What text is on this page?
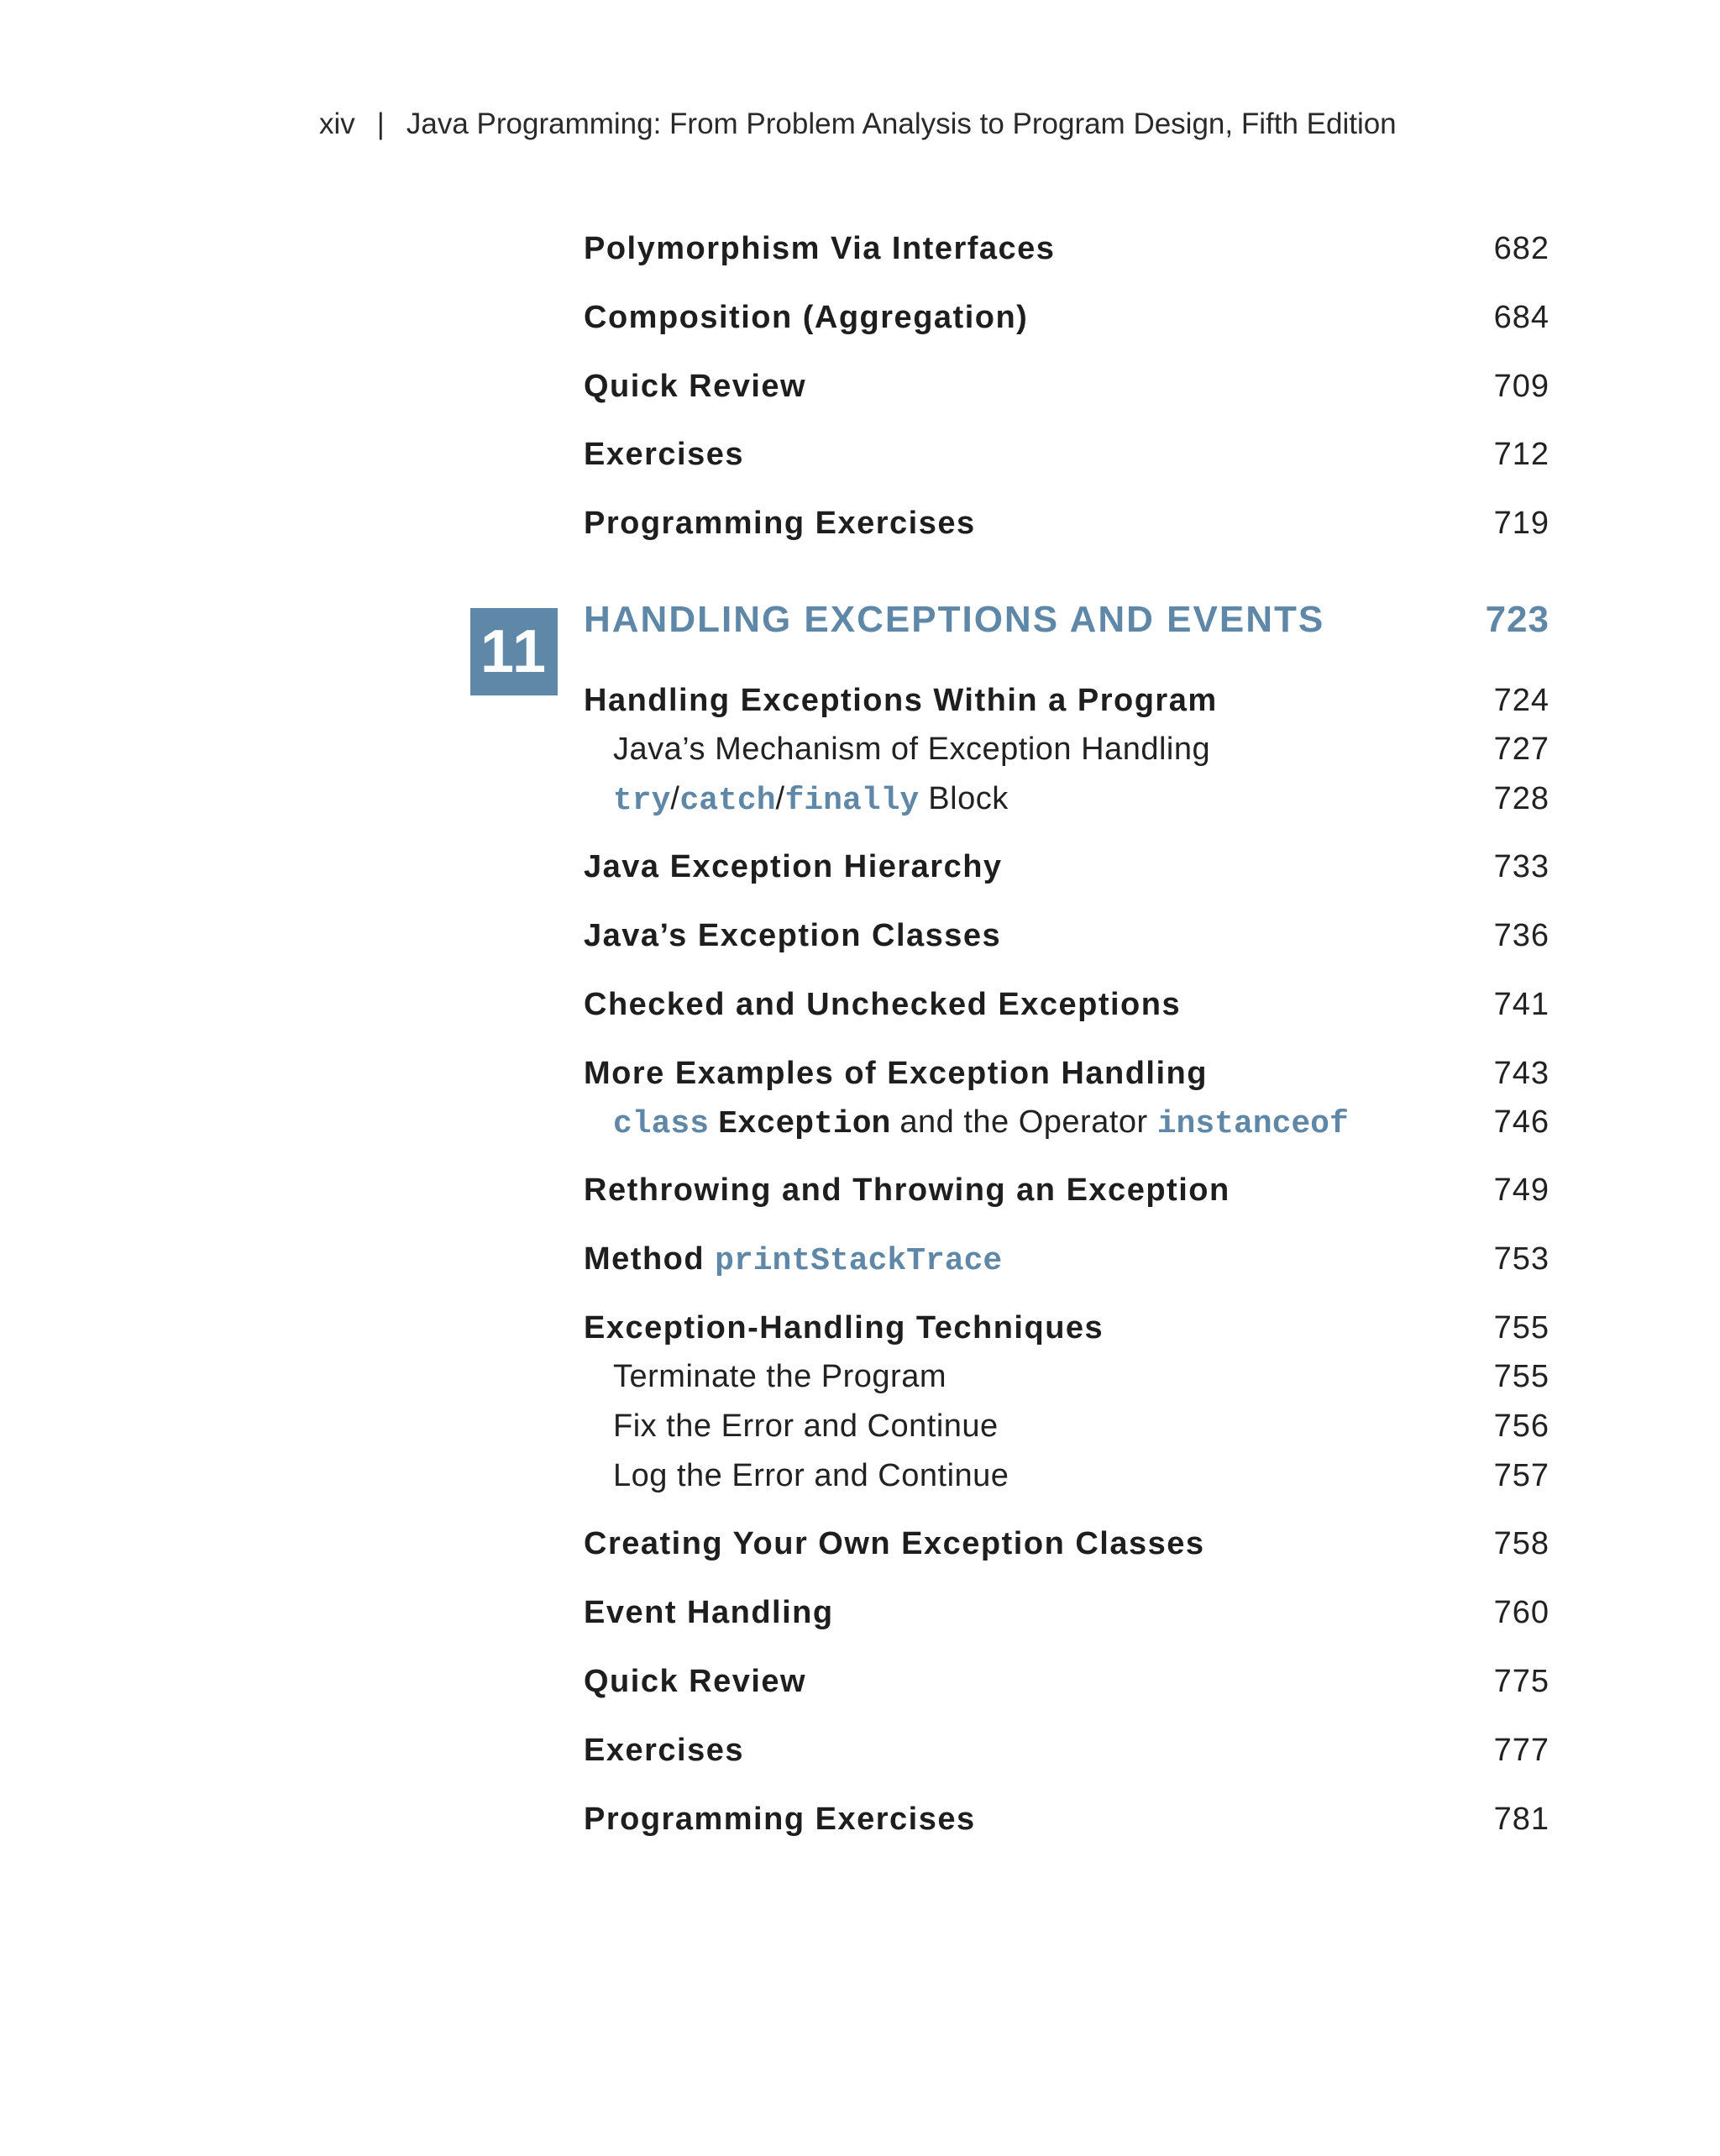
xiv | Java Programming: From Problem Analysis to Program Design, Fifth Edition
11
Polymorphism Via Interfaces	682
Composition (Aggregation)	684
Quick Review	709
Exercises	712
Programming Exercises	719
HANDLING EXCEPTIONS AND EVENTS	723
Handling Exceptions Within a Program	724
Java’s Mechanism of Exception Handling	727
try/catch/finally Block	728
Java Exception Hierarchy	733
Java’s Exception Classes	736
Checked and Unchecked Exceptions	741
More Examples of Exception Handling	743
class Exception and the Operator instanceof	746
Rethrowing and Throwing an Exception	749
Method printStackTrace	753
Exception-Handling Techniques	755
Terminate the Program	755
Fix the Error and Continue	756
Log the Error and Continue	757
Creating Your Own Exception Classes	758
Event Handling	760
Quick Review	775
Exercises	777
Programming Exercises	781
